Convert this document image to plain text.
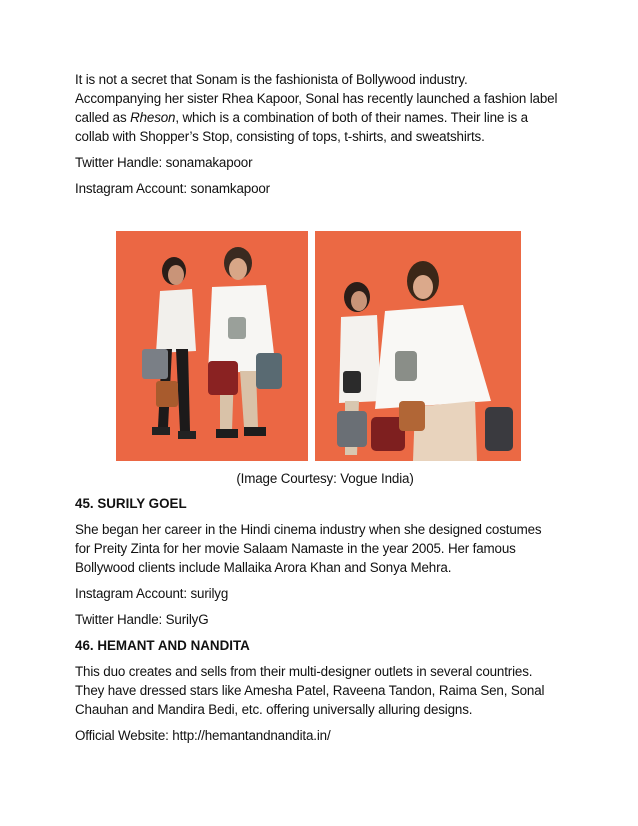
It is not a secret that Sonam is the fashionista of Bollywood industry.

Accompanying her sister Rhea Kapoor, Sonal has recently launched a fashion label

called as Rheson, which is a combination of both of their names. Their line is a

collab with Shopper’s Stop, consisting of tops, t-shirts, and sweatshirts.

Twitter Handle: sonamakapoor

Instagram Account: sonamkapoor

(Image Courtesy: Vogue India)

45. SURILY GOEL

She began her career in the Hindi cinema industry when she designed costumes

for Preity Zinta for her movie Salaam Namaste in the year 2005. Her famous

Bollywood clients include Mallaika Arora Khan and Sonya Mehra.

Instagram Account: surilyg

Twitter Handle: SurilyG

46. HEMANT AND NANDITA

This duo creates and sells from their multi-designer outlets in several countries.

They have dressed stars like Amesha Patel, Raveena Tandon, Raima Sen, Sonal

Chauhan and Mandira Bedi, etc. offering universally alluring designs.

Official Website: http://hemantandnandita.in/
